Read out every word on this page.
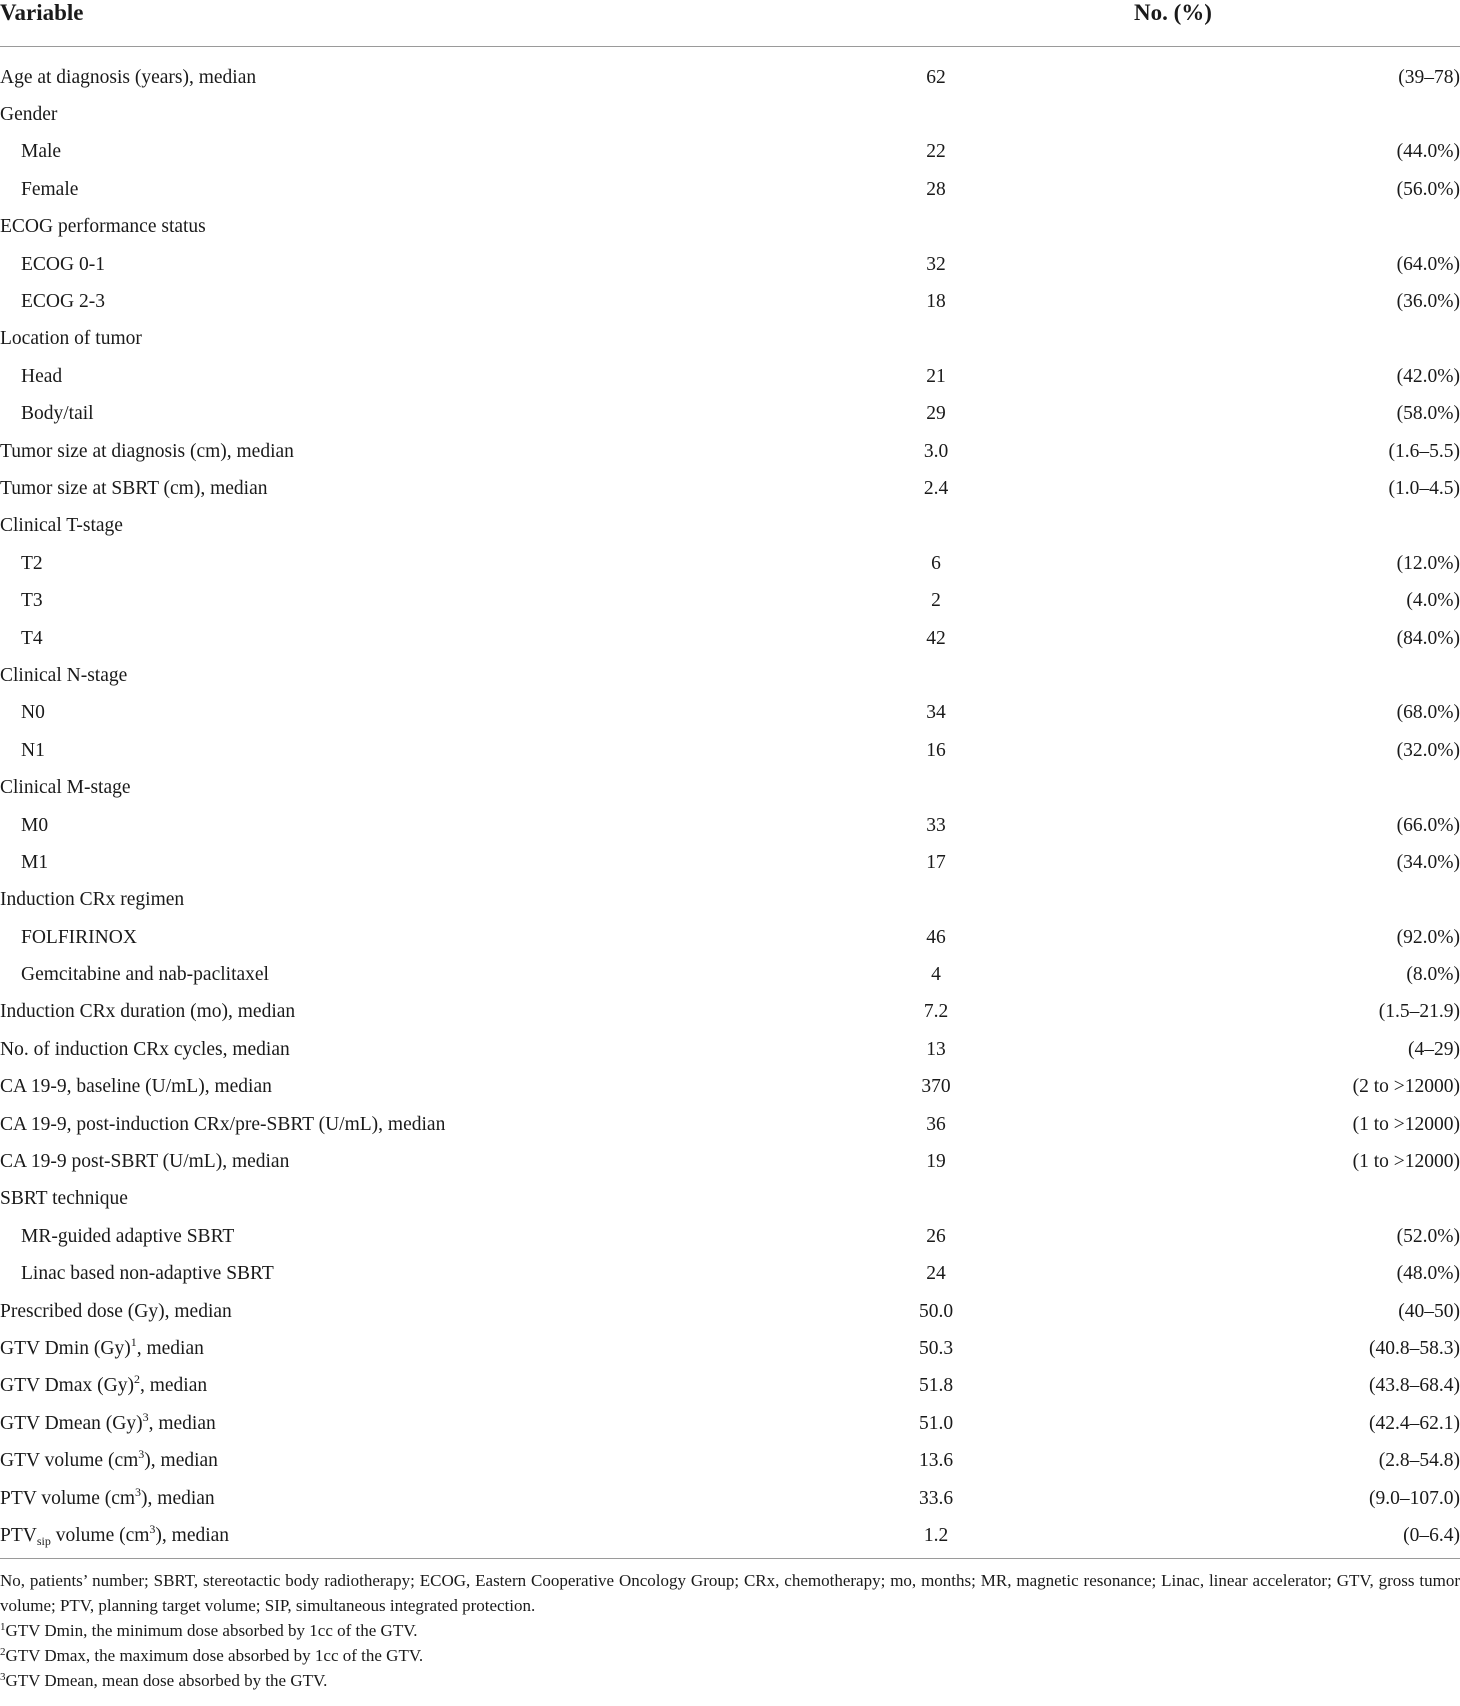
Variable	No. (%)
Age at diagnosis (years), median	62	(39–78)
Gender		
Male	22	(44.0%)
Female	28	(56.0%)
ECOG performance status		
ECOG 0-1	32	(64.0%)
ECOG 2-3	18	(36.0%)
Location of tumor		
Head	21	(42.0%)
Body/tail	29	(58.0%)
Tumor size at diagnosis (cm), median	3.0	(1.6–5.5)
Tumor size at SBRT (cm), median	2.4	(1.0–4.5)
Clinical T-stage		
T2	6	(12.0%)
T3	2	(4.0%)
T4	42	(84.0%)
Clinical N-stage		
N0	34	(68.0%)
N1	16	(32.0%)
Clinical M-stage		
M0	33	(66.0%)
M1	17	(34.0%)
Induction CRx regimen		
FOLFIRINOX	46	(92.0%)
Gemcitabine and nab-paclitaxel	4	(8.0%)
Induction CRx duration (mo), median	7.2	(1.5–21.9)
No. of induction CRx cycles, median	13	(4–29)
CA 19-9, baseline (U/mL), median	370	(2 to >12000)
CA 19-9, post-induction CRx/pre-SBRT (U/mL), median	36	(1 to >12000)
CA 19-9 post-SBRT (U/mL), median	19	(1 to >12000)
SBRT technique		
MR-guided adaptive SBRT	26	(52.0%)
Linac based non-adaptive SBRT	24	(48.0%)
Prescribed dose (Gy), median	50.0	(40–50)
GTV Dmin $(Gy)^1$, median	50.3	(40.8–58.3)
GTV Dmax $(Gy)^2$, median	51.8	(43.8–68.4)
GTV Dmean $(Gy)^3$, median	51.0	(42.4–62.1)
GTV volume $(cm^3)$, median	13.6	(2.8–54.8)
PTV volume $(cm^3)$, median	33.6	(9.0–107.0)
$PTV_{sip}$ volume $(cm^3)$, median	1.2	(0–6.4)

No, patients’ number; SBRT, stereotactic body radiotherapy; ECOG, Eastern Cooperative Oncology Group; CRx, chemotherapy; mo, months; MR, magnetic resonance; Linac, linear accelerator; GTV, gross tumor volume; PTV, planning target volume; SIP, simultaneous integrated protection.

$^1$GTV Dmin, the minimum dose absorbed by 1cc of the GTV.

$^2$GTV Dmax, the maximum dose absorbed by 1cc of the GTV.

$^3$GTV Dmean, mean dose absorbed by the GTV.
